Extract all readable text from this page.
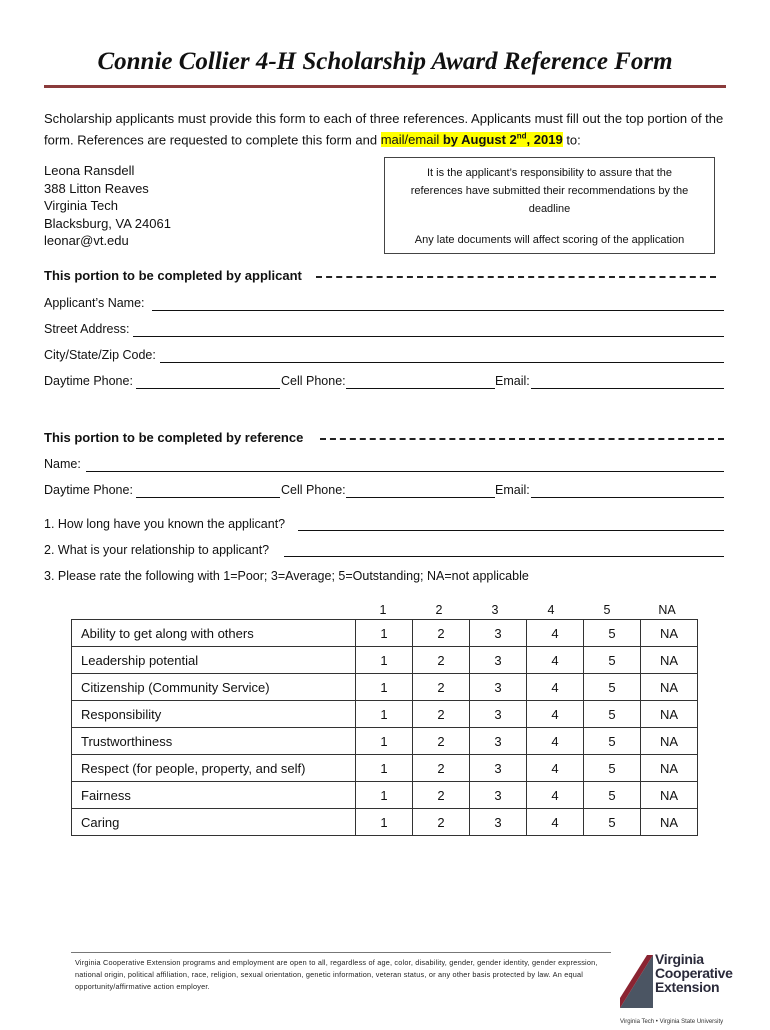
Connie Collier 4-H Scholarship Award Reference Form
Scholarship applicants must provide this form to each of three references. Applicants must fill out the top portion of the
form. References are requested to complete this form and mail/email by August 2nd, 2019 to:
Leona Ransdell
388 Litton Reaves
Virginia Tech
Blacksburg, VA 24061
leonar@vt.edu
It is the applicant’s responsibility to assure that the
references have submitted their recommendations by the
deadline
Any late documents will affect scoring of the application
This portion to be completed by applicant
Applicant’s Name:
Street Address:
City/State/Zip Code:
Daytime Phone:	Cell Phone:	Email:
This portion to be completed by reference
Name:
Daytime Phone:	Cell Phone:	Email:
1. How long have you known the applicant?
2. What is your relationship to applicant?
3. Please rate the following with 1=Poor; 3=Average; 5=Outstanding; NA=not applicable
1	2	3	4	5	NA
Ability to get along with others	1	2	3	4	5	NA
Leadership potential	1	2	3	4	5	NA
Citizenship (Community Service)	1	2	3	4	5	NA
Responsibility	1	2	3	4	5	NA
Trustworthiness	1	2	3	4	5	NA
Respect (for people, property, and self)	1	2	3	4	5	NA
Fairness	1	2	3	4	5	NA
Caring	1	2	3	4	5	NA
Virginia Cooperative Extension programs and employment are open to all, regardless of age, color, disability, gender, gender identity, gender expression, national origin, political affiliation, race, religion, sexual orientation, genetic information, veteran status, or any other basis protected by law. An equal opportunity/affirmative action employer.
Virginia
Cooperative
Extension
Virginia Tech • Virginia State University
